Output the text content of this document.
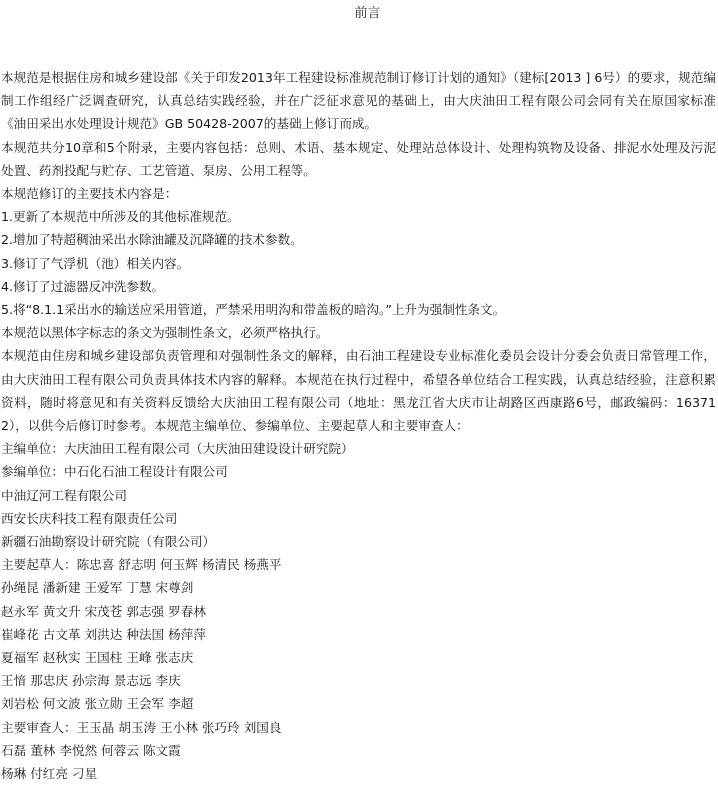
前言

本规范是根据住房和城乡建设部《关于印发2013年工程建设标准规范制订修订计划的通知》（建标[2013 ] 6号）的要求，规范编制工作组经广泛调查研究，认真总结实践经验，并在广泛征求意见的基础上，由大庆油田工程有限公司会同有关在原国家标准《油田采出水处理设计规范》GB 50428-2007的基础上修订而成。

本规范共分10章和5个附录，主要内容包括：总则、术语、基本规定、处理站总体设计、处理构筑物及设备、排泥水处理及污泥处置、药剂投配与贮存、工艺管道、泵房、公用工程等。

本规范修订的主要技术内容是：

1.更新了本规范中所涉及的其他标准规范。

2.增加了特超稠油采出水除油罐及沉降罐的技术参数。

3.修订了气浮机（池）相关内容。

4.修订了过滤器反冲洗参数。

5.将“8.1.1采出水的输送应采用管道，严禁采用明沟和带盖板的暗沟。”上升为强制性条文。

本规范以黑体字标志的条文为强制性条文，必须严格执行。

本规范由住房和城乡建设部负责管理和对强制性条文的解释，由石油工程建设专业标准化委员会设计分委会负责日常管理工作，由大庆油田工程有限公司负责具体技术内容的解释。本规范在执行过程中，希望各单位结合工程实践，认真总结经验，注意积累资料，随时将意见和有关资料反馈给大庆油田工程有限公司（地址：黑龙江省大庆市让胡路区西康路6号，邮政编码：163712），以供今后修订时参考。本规范主编单位、参编单位、主要起草人和主要审查人：

主编单位：大庆油田工程有限公司（大庆油田建设设计研究院）

参编单位：中石化石油工程设计有限公司

中油辽河工程有限公司

西安长庆科技工程有限责任公司

新疆石油勘察设计研究院（有限公司）

主要起草人：陈忠喜 舒志明 何玉辉 杨清民 杨燕平

孙绳昆 潘新建 王爱军 丁慧 宋尊剑

赵永军 黄文升 宋茂苍 郭志强 罗春林

崔峰花 古文革 刘洪达 种法国 杨萍萍

夏福军 赵秋实 王国柱 王峰 张志庆

王愔 那忠庆 孙宗海 景志远 李庆

刘岩松 何文波 张立勋 王会军 李超

主要审查人：王玉晶 胡玉涛 王小林 张巧玲 刘国良

石磊 董林 李悦然 何蓉云 陈文霞

杨琳 付红亮 刁星
